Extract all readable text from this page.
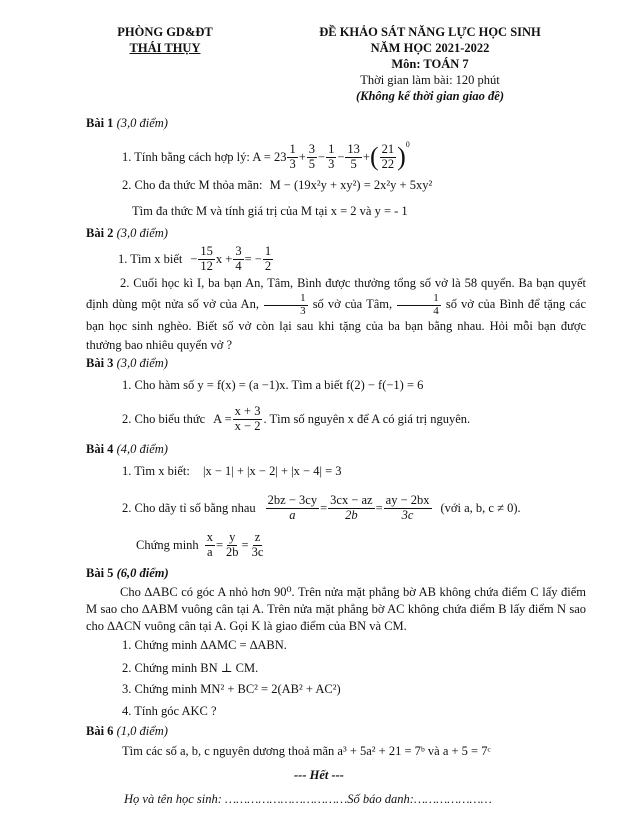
PHÒNG GD&ĐT
THÁI THỤY
ĐỀ KHẢO SÁT NĂNG LỰC HỌC SINH
NĂM HỌC 2021-2022
Môn: TOÁN 7
Thời gian làm bài: 120 phút
(Không kể thời gian giao đề)
Bài 1 (3,0 điểm)
1. Tính bằng cách hợp lý: A = 23
1
$3 + \frac{3}{5} - \frac{1}{3} - \frac{13}{5}$ + ( 21
22 )$^0$
2. Cho đa thức M thỏa mãn: M − (19x²y + xy²) = 2x²y + 5xy²
Tìm đa thức M và tính giá trị của M tại x = 2 và y = - 1
Bài 2 (3,0 điểm)
1. Tìm x biết − $\frac{15}{12}$ $x + \frac{3}{4}$ = − $\frac{1}{2}$
2. Cuối học kì I, ba bạn An, Tâm, Bình được thưởng tổng số vở là 58 quyển. Ba bạn quyết định dùng một nửa số vở của An, $\frac{1}{3}$ số vở của Tâm, $\frac{1}{4}$ số vở của Bình để tặng các bạn học sinh nghèo. Biết số vở còn lại sau khi tặng của ba bạn bằng nhau. Hỏi mỗi bạn được thưởng bao nhiêu quyển vở ?
Bài 3 (3,0 điểm)
1. Cho hàm số y = f(x) = (a −1)x. Tìm a biết f(2) − f(−1) = 6
2. Cho biểu thức $A = \frac{x + 3}{x - 2}$ . Tìm số nguyên x để A có giá trị nguyên.
Bài 4 (4,0 điểm)
1. Tìm x biết: |x − 1| + |x − 2| + |x − 4| = 3
2. Cho dãy tỉ số bằng nhau $\frac{2bz - 3cy}{a} = \frac{3cx - az}{2b} = \frac{ay - 2bx}{3c}$ (với a, b, c ≠ 0).
Chứng minh $\frac{x}{a} = \frac{y}{2b} = \frac{z}{3c}$
Bài 5 (6,0 điểm)
Cho ∆ABC có góc A nhỏ hơn 90⁰. Trên nửa mặt phẳng bờ AB không chứa điểm C lấy điểm M sao cho ∆ABM vuông cân tại A. Trên nửa mặt phẳng bờ AC không chứa điểm B lấy điểm N sao cho ∆ACN vuông cân tại A. Gọi K là giao điểm của BN và CM.
1. Chứng minh ∆AMC = ∆ABN.
2. Chứng minh BN ⊥ CM.
3. Chứng minh MN² + BC² = 2(AB² + AC²)
4. Tính góc AKC ?
Bài 6 (1,0 điểm)
Tìm các số a, b, c nguyên dương thoả mãn a³ + 5a² + 21 = 7ᵇ và a + 5 = 7ᶜ
--- Hết ---
Họ và tên học sinh: ……………………………Số báo danh:…………………
